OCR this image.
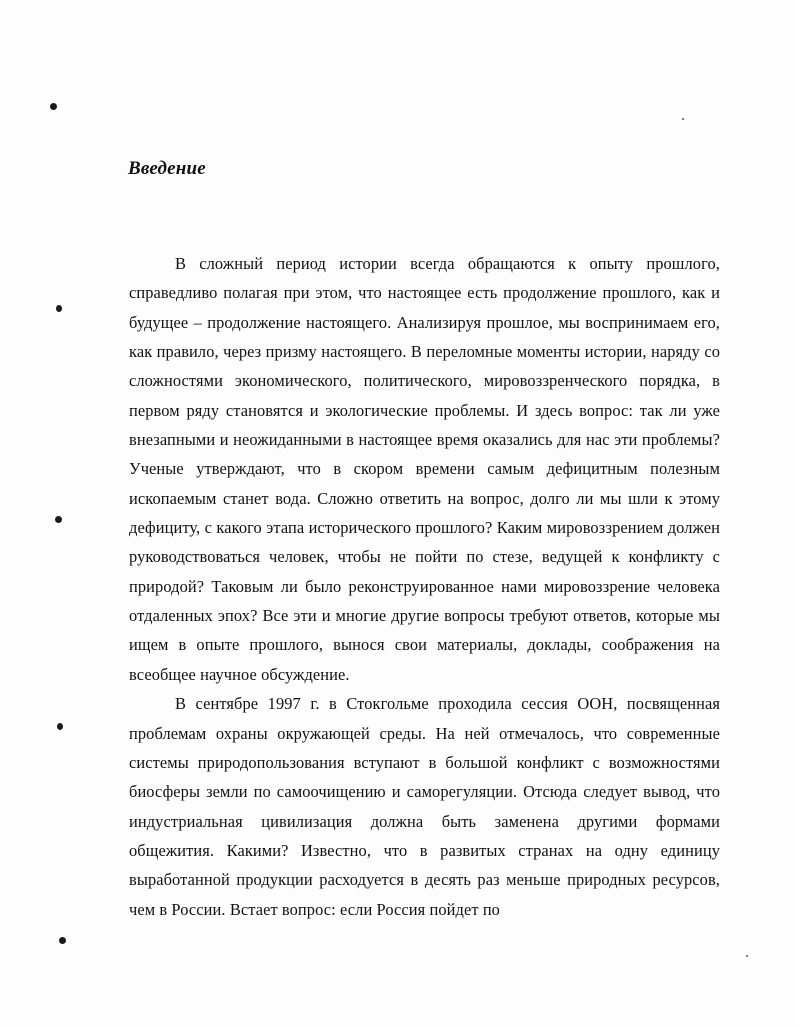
Введение

В сложный период истории всегда обращаются к опыту прошлого, справедливо полагая при этом, что настоящее есть продолжение прошлого, как и будущее – продолжение настоящего. Анализируя прошлое, мы воспринимаем его, как правило, через призму настоящего. В переломные моменты истории, наряду со сложностями экономического, политического, мировоззренческого порядка, в первом ряду становятся и экологические проблемы. И здесь вопрос: так ли уже внезапными и неожиданными в настоящее время оказались для нас эти проблемы? Ученые утверждают, что в скором времени самым дефицитным полезным ископаемым станет вода. Сложно ответить на вопрос, долго ли мы шли к этому дефициту, с какого этапа исторического прошлого? Каким мировоззрением должен руководствоваться человек, чтобы не пойти по стезе, ведущей к конфликту с природой? Таковым ли было реконструированное нами мировоззрение человека отдаленных эпох? Все эти и многие другие вопросы требуют ответов, которые мы ищем в опыте прошлого, вынося свои материалы, доклады, соображения на всеобщее научное обсуждение.

В сентябре 1997 г. в Стокгольме проходила сессия ООН, посвященная проблемам охраны окружающей среды. На ней отмечалось, что современные системы природопользования вступают в большой конфликт с возможностями биосферы земли по самоочищению и саморегуляции. Отсюда следует вывод, что индустриальная цивилизация должна быть заменена другими формами общежития. Какими? Известно, что в развитых странах на одну единицу выработанной продукции расходуется в десять раз меньше природных ресурсов, чем в России. Встает вопрос: если Россия пойдет по
